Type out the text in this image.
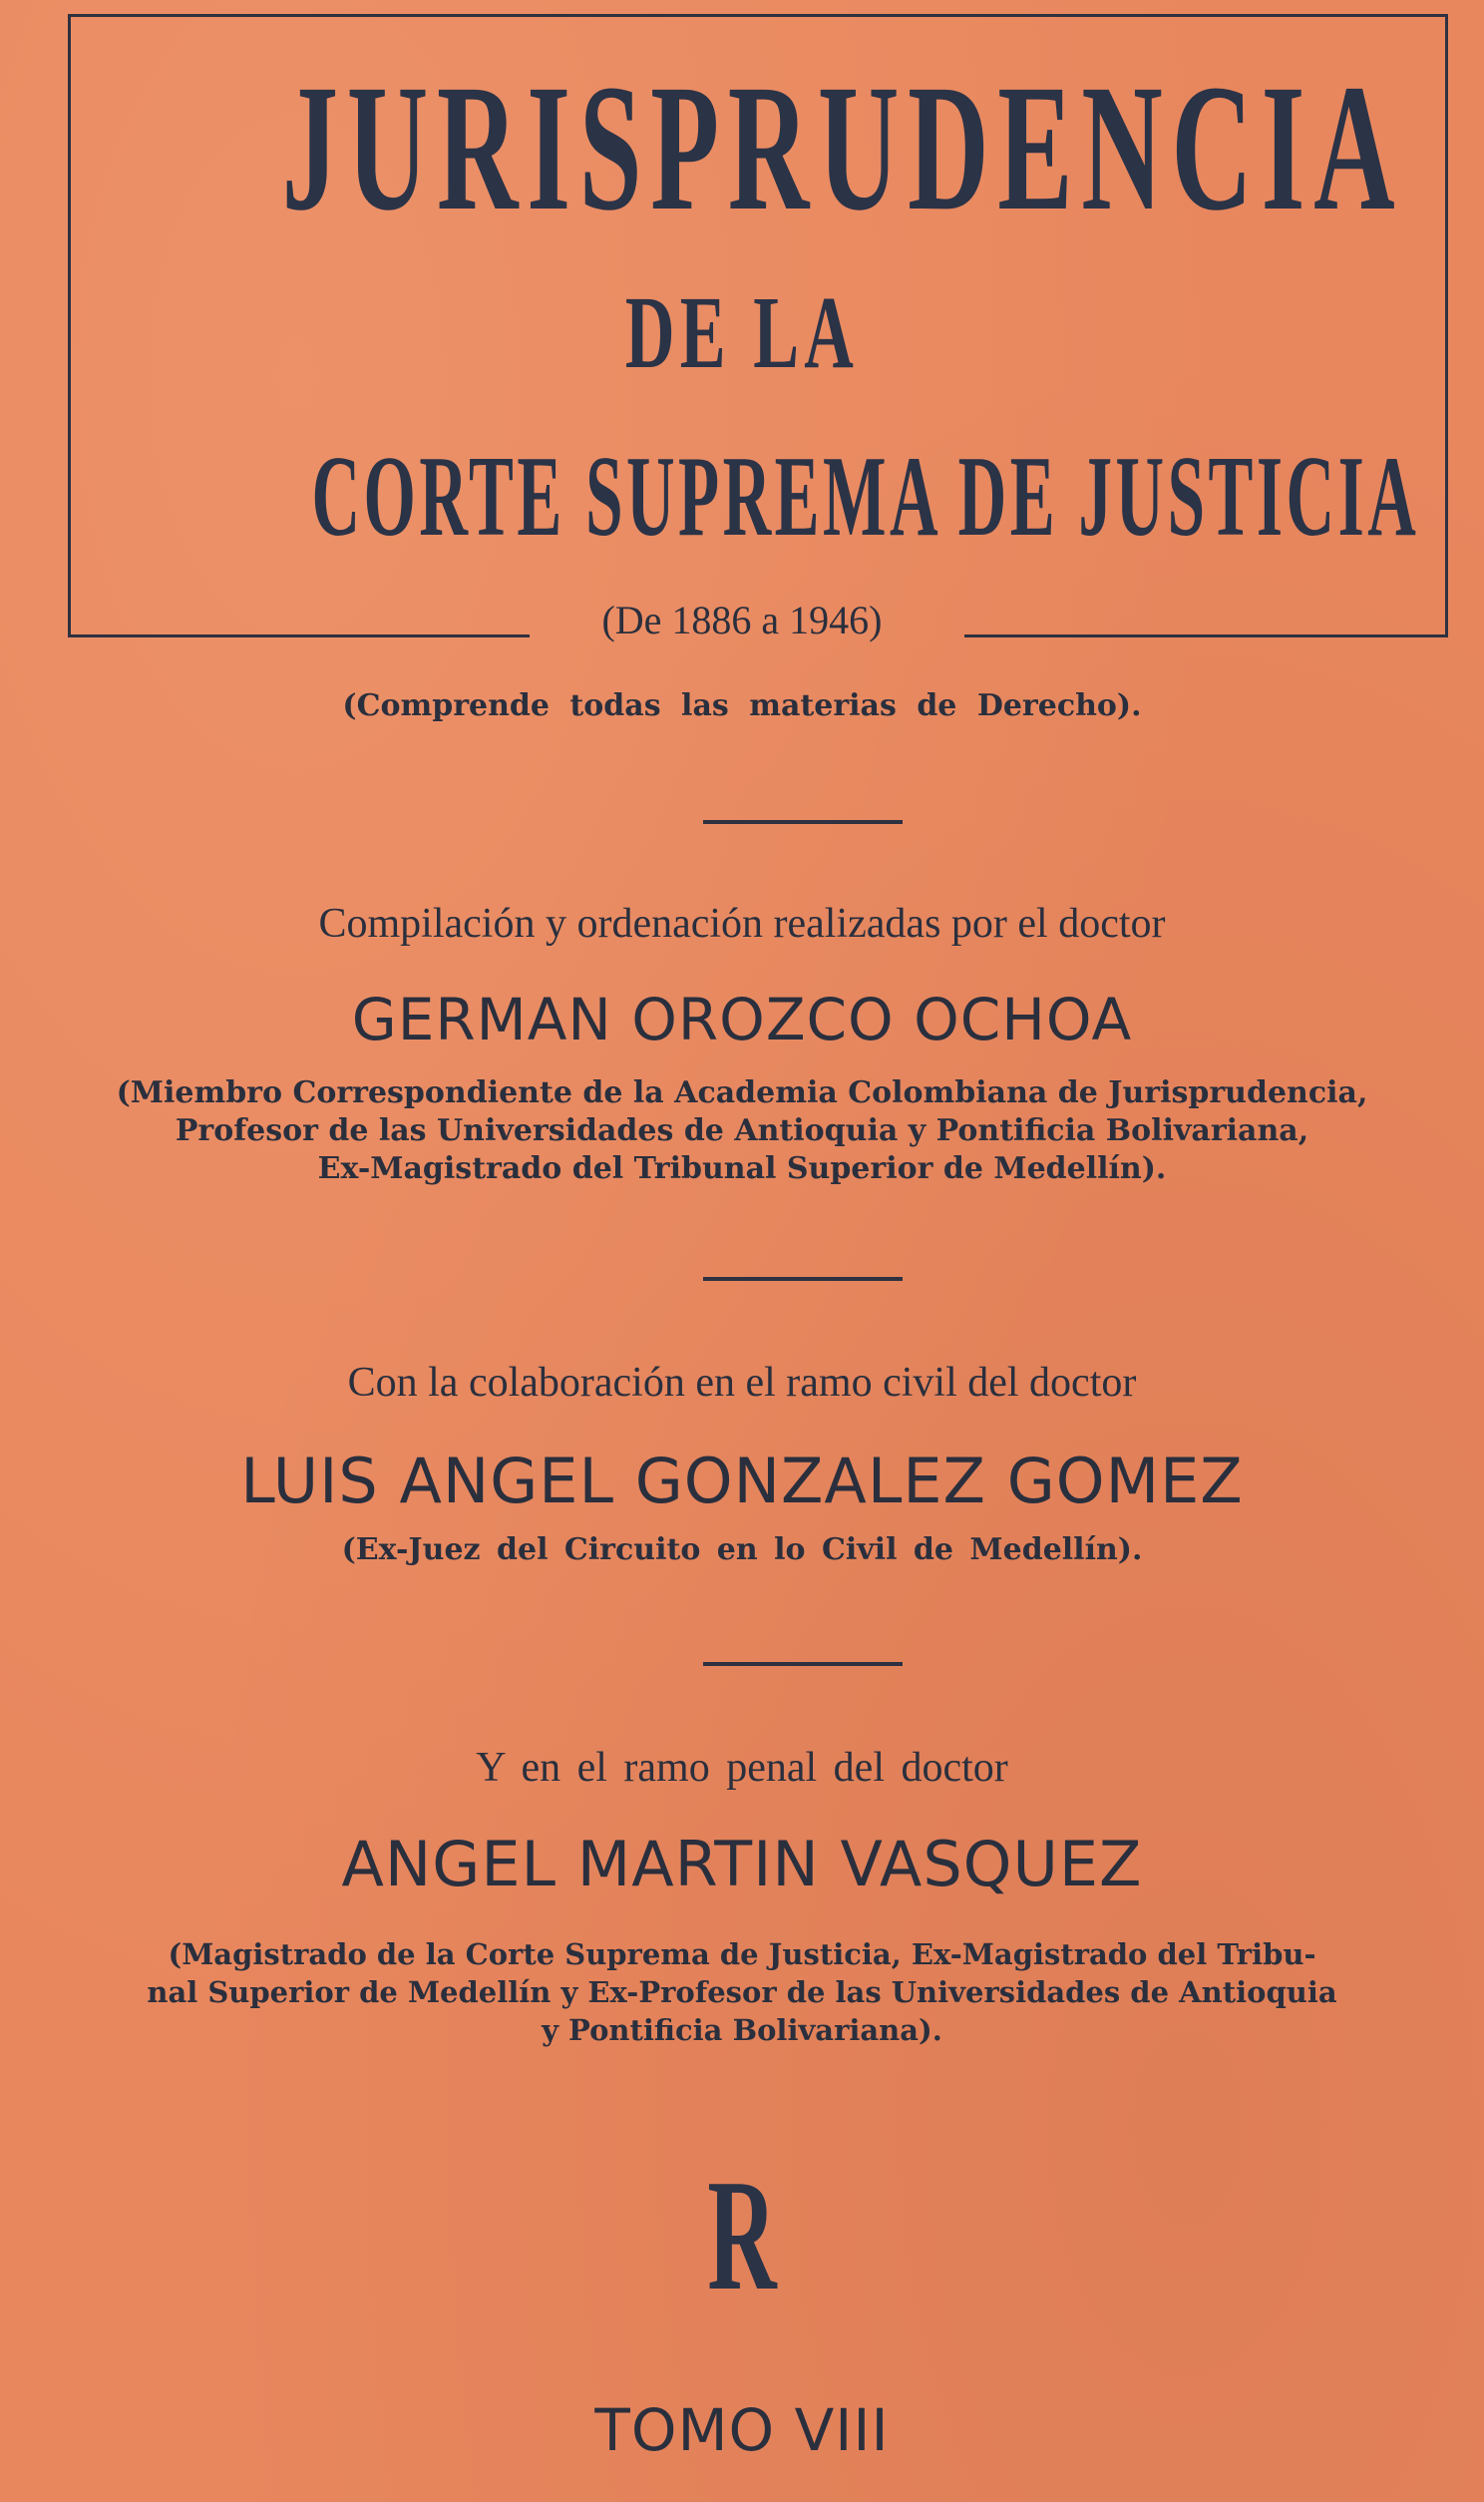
JURISPRUDENCIA
DE LA
CORTE SUPREMA DE JUSTICIA
(De 1886 a 1946)
(Comprende todas las materias de Derecho).
Compilación y ordenación realizadas por el doctor
GERMAN OROZCO OCHOA
(Miembro Correspondiente de la Academia Colombiana de Jurisprudencia,
Profesor de las Universidades de Antioquia y Pontificia Bolivariana,
Ex-Magistrado del Tribunal Superior de Medellín).
Con la colaboración en el ramo civil del doctor
LUIS ANGEL GONZALEZ GOMEZ
(Ex-Juez del Circuito en lo Civil de Medellín).
Y en el ramo penal del doctor
ANGEL MARTIN VASQUEZ
(Magistrado de la Corte Suprema de Justicia, Ex-Magistrado del Tribu-
nal Superior de Medellín y Ex-Profesor de las Universidades de Antioquia
y Pontificia Bolivariana).
R
TOMO VIII
